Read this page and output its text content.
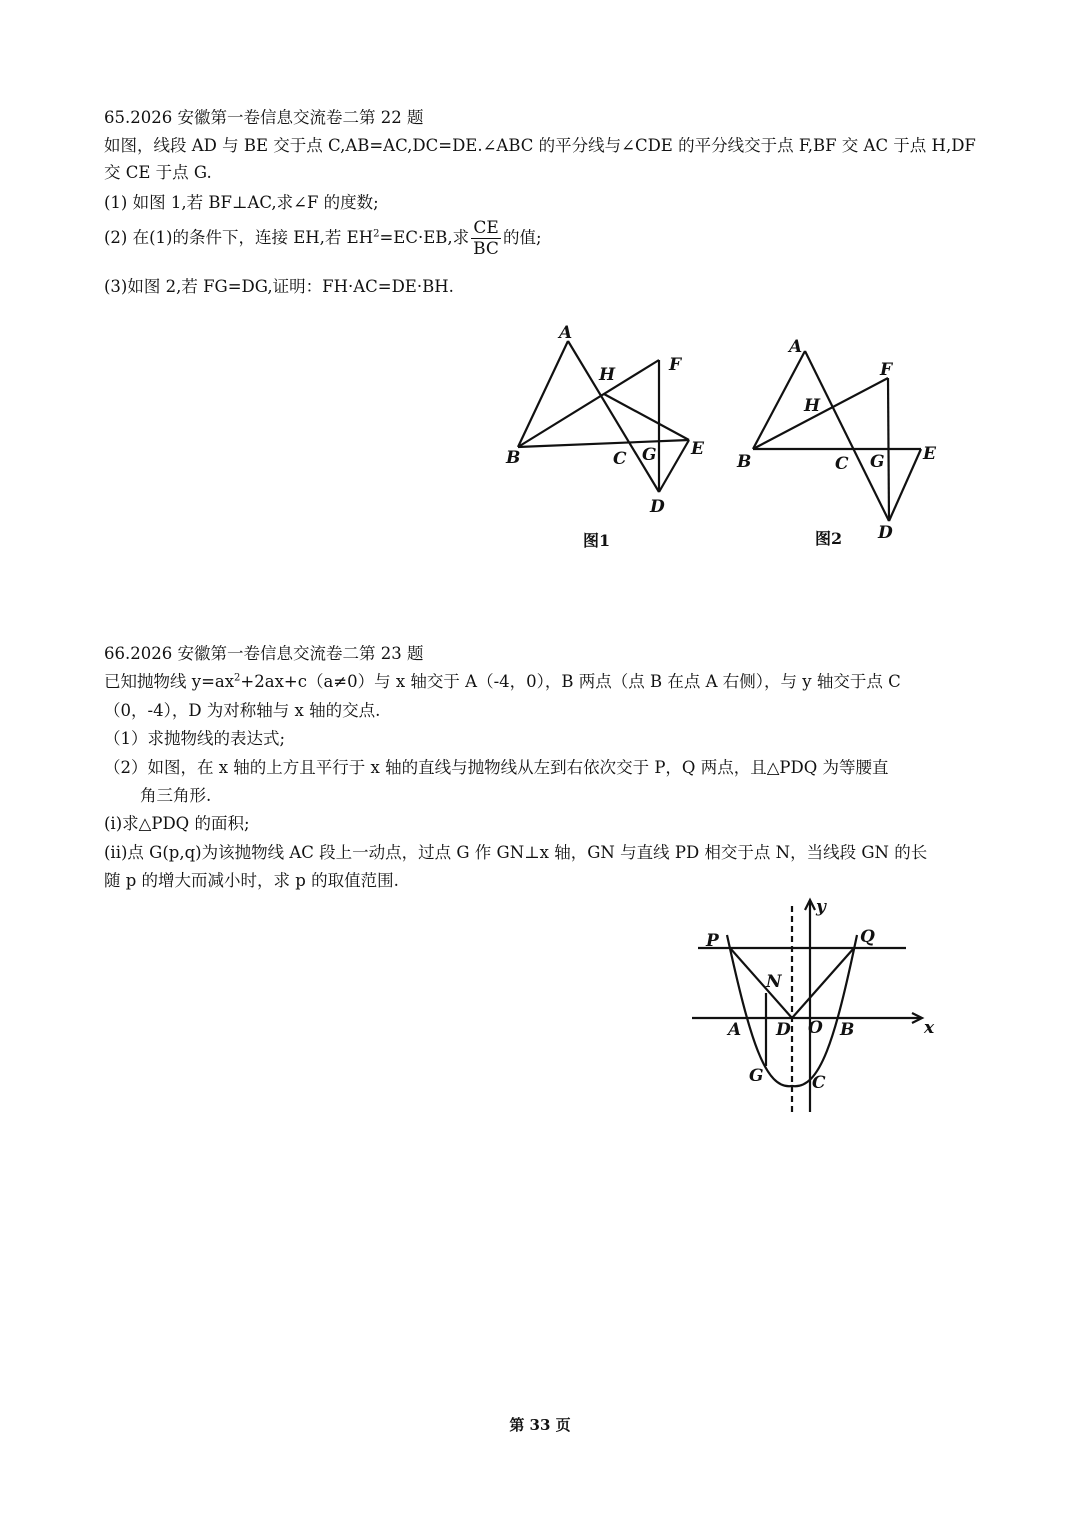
65.2026 安徽第一卷信息交流卷二第 22 题
如图，线段 AD 与 BE 交于点 C,AB=AC,DC=DE.∠ABC 的平分线与∠CDE 的平分线交于点 F,BF 交 AC 于点 H,DF
交 CE 于点 G.
(1) 如图 1,若 BF⊥AC,求∠F 的度数;
(2) 在(1)的条件下，连接 EH,若 $EH^2=EC\cdot EB$,求 $\frac{CE}{BC}$ 的值;
(3)如图 2,若 FG=DG,证明：FH·AC=DE·BH.
A
H	F
B	C G E
D
图1
A
H
F
B	C G E
D
图2
66.2026 安徽第一卷信息交流卷二第 23 题
已知抛物线 $y=ax^2+2ax+c(a\ne 0)$与 x 轴交于 A（-4，0），B 两点（点 B 在点 A 右侧），与 y 轴交于点 C
（0，-4），D 为对称轴与 x 轴的交点.
（1）求抛物线的表达式;
（2）如图，在 x 轴的上方且平行于 x 轴的直线与抛物线从左到右依次交于 P，Q 两点，且△PDQ 为等腰直
角三角形.
(i)求△PDQ 的面积;
(ii)点 G(p,q)为该抛物线 AC 段上一动点，过点 G 作 GN⊥x 轴，GN 与直线 PD 相交于点 N，当线段 GN 的长
随 p 的增大而减小时，求 p 的取值范围.
y
x
P	Q
N
A D O B
G	C
第 33 页
